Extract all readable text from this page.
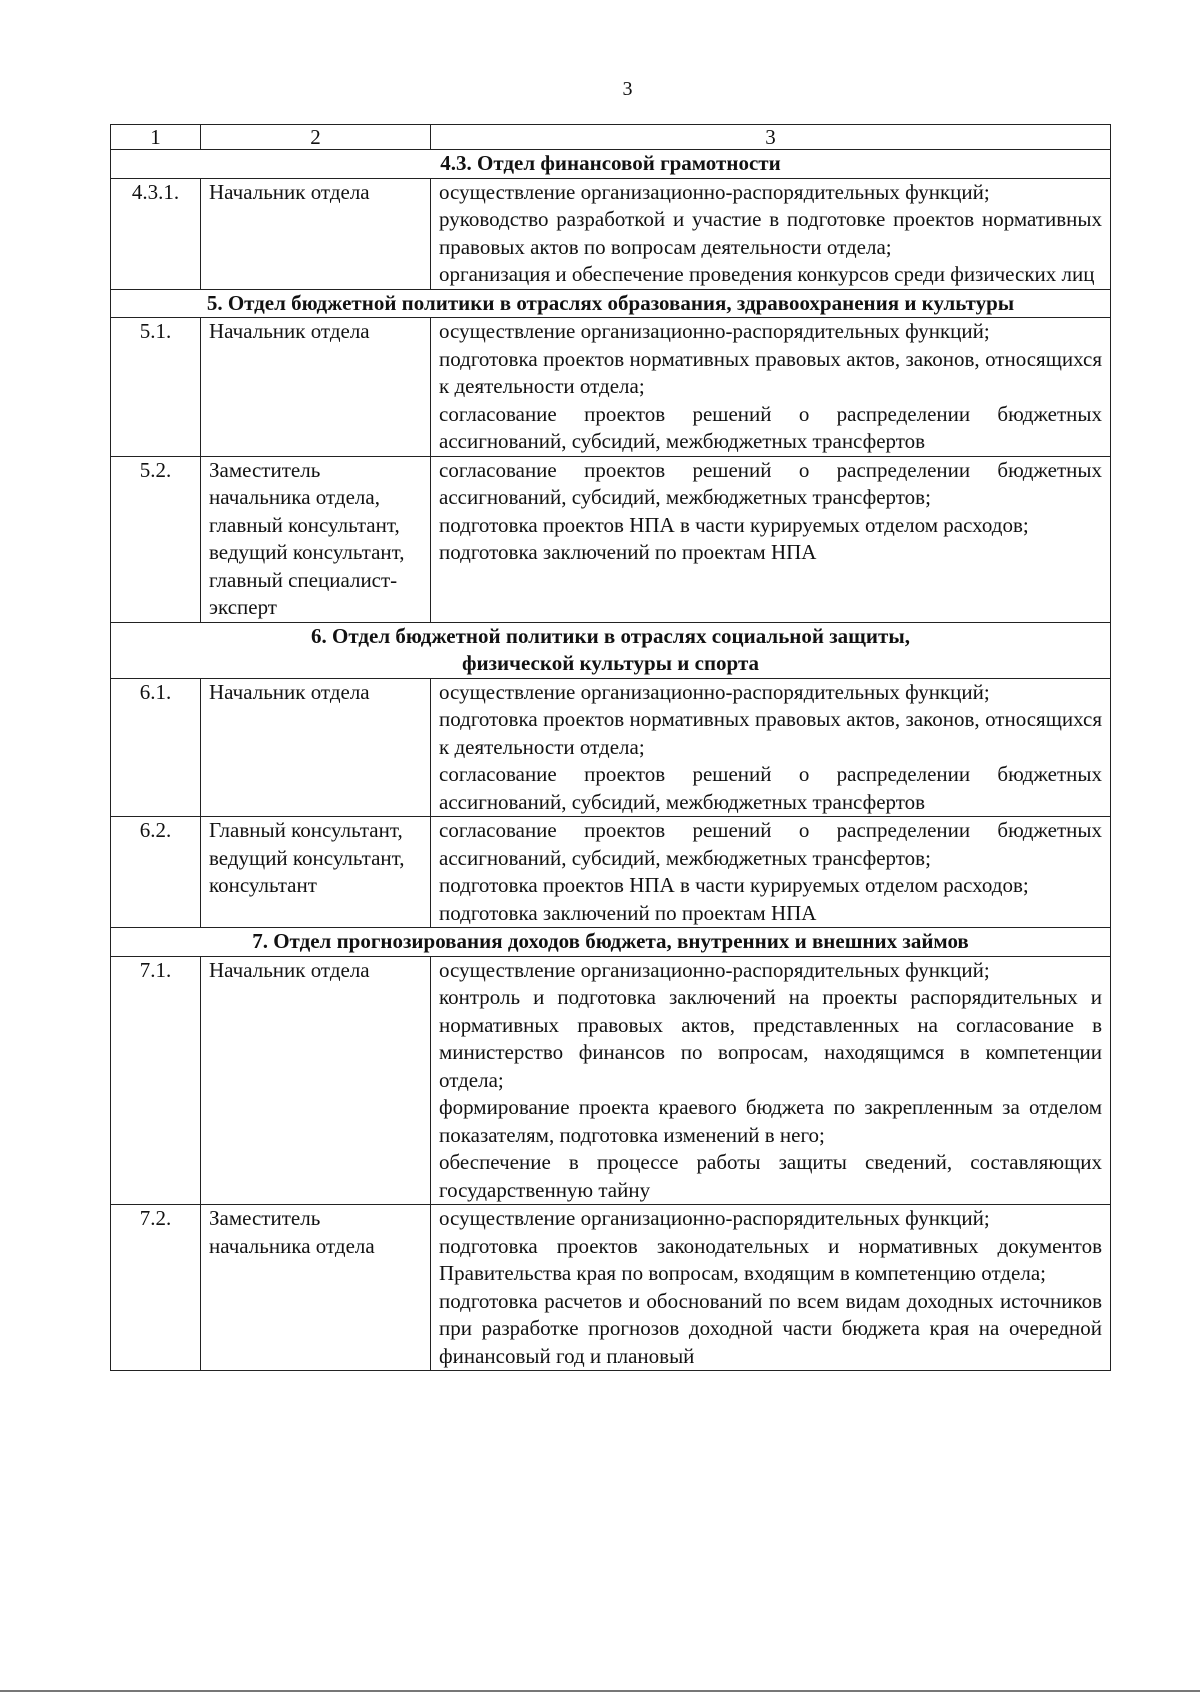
3
1	2	3

4.3. Отдел финансовой грамотности		

4.3.1.	Начальник отдела	осуществление организационно-распорядительных функций;
руководство разработкой и участие в подготовке проектов нормативных правовых актов по вопросам деятельности отдела;
организация и обеспечение проведения конкурсов среди физических лиц

5. Отдел бюджетной политики в отраслях образования, здравоохранения и культуры		

5.1.	Начальник отдела	осуществление организационно-распорядительных функций;
подготовка проектов нормативных правовых актов, законов, относящихся к деятельности отдела;
согласование проектов решений о распределении бюджетных ассигнований, субсидий, межбюджетных трансфертов

5.2.	Заместитель начальника отдела, главный консультант, ведущий консультант, главный специалист-эксперт	согласование проектов решений о распределении бюджетных ассигнований, субсидий, межбюджетных трансфертов;
подготовка проектов НПА в части курируемых отделом расходов;
подготовка заключений по проектам НПА

6. Отдел бюджетной политики в отраслях социальной защиты,
физической культуры и спорта		

6.1.	Начальник отдела	осуществление организационно-распорядительных функций;
подготовка проектов нормативных правовых актов, законов, относящихся к деятельности отдела;
согласование проектов решений о распределении бюджетных ассигнований, субсидий, межбюджетных трансфертов

6.2.	Главный консультант, ведущий консультант, консультант	согласование проектов решений о распределении бюджетных ассигнований, субсидий, межбюджетных трансфертов;
подготовка проектов НПА в части курируемых отделом расходов;
подготовка заключений по проектам НПА

7. Отдел прогнозирования доходов бюджета, внутренних и внешних займов		

7.1.	Начальник отдела	осуществление организационно-распорядительных функций;
контроль и подготовка заключений на проекты распорядительных и нормативных правовых актов, представленных на согласование в министерство финансов по вопросам, находящимся в компетенции отдела;
формирование проекта краевого бюджета по закрепленным за отделом показателям, подготовка изменений в него;
обеспечение в процессе работы защиты сведений, составляющих государственную тайну

7.2.	Заместитель начальника отдела	осуществление организационно-распорядительных функций;
подготовка проектов законодательных и нормативных документов Правительства края по вопросам, входящим в компетенцию отдела;
подготовка расчетов и обоснований по всем видам доходных источников при разработке прогнозов доходной части бюджета края на очередной финансовый год и плановый
